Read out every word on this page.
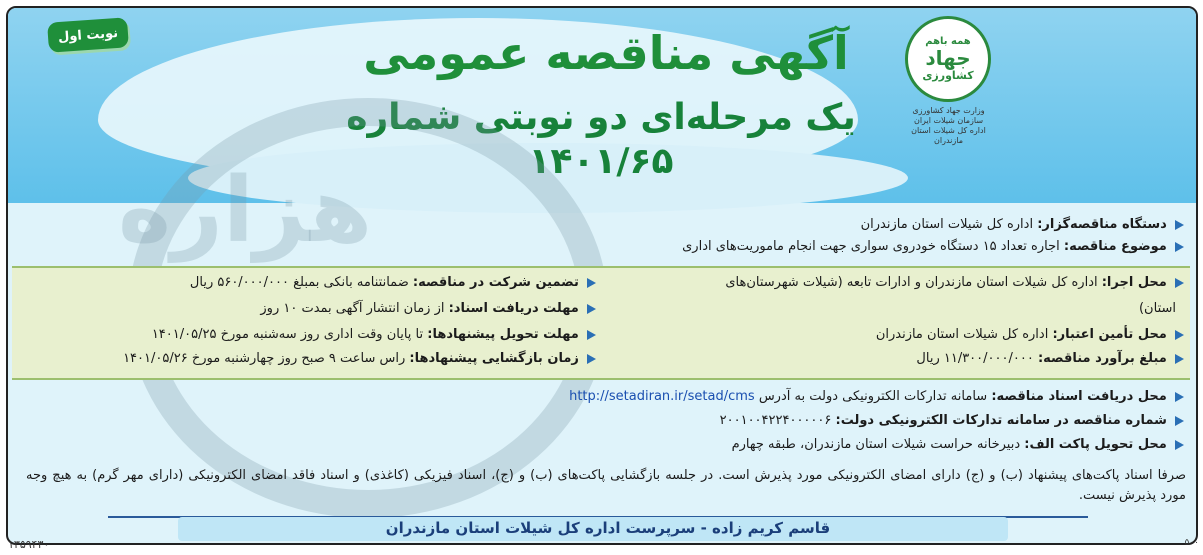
همه باهم
جهاد
کشاورزی
وزارت جهاد کشاورزی
سازمان شیلات ایران
اداره کل شیلات استان مازندران
آگهی مناقصه عمومی
یک مرحله‌ای دو نوبتی شماره ۱۴۰۱/۶۵
نوبت اول
هزاره	دستگاه مناقصه‌گزار: اداره کل شیلات استان مازندران
موضوع مناقصه: اجاره تعداد ۱۵ دستگاه خودروی سواری جهت انجام ماموریت‌های اداری
محل اجرا: اداره کل شیلات استان مازندران و ادارات تابعه (شیلات شهرستان‌های
استان)
محل تأمین اعتبار: اداره کل شیلات استان مازندران
مبلغ برآورد مناقصه: ۱۱/۳۰۰/۰۰۰/۰۰۰ ریال
تضمین شرکت در مناقصه: ضمانتنامه بانکی بمبلغ ۵۶۰/۰۰۰/۰۰۰ ریال
مهلت دریافت اسناد: از زمان انتشار آگهی بمدت ۱۰ روز
مهلت تحویل پیشنهادها: تا پایان وقت اداری روز سه‌شنبه مورخ ۱۴۰۱/۰۵/۲۵
زمان بازگشایی پیشنهادها: راس ساعت ۹ صبح روز چهارشنبه مورخ ۱۴۰۱/۰۵/۲۶
محل دریافت اسناد مناقصه: سامانه تدارکات الکترونیکی دولت به آدرس http://setadiran.ir/setad/cms
شماره مناقصه در سامانه تدارکات الکترونیکی دولت: ۲۰۰۱۰۰۴۲۲۴۰۰۰۰۰۶
محل تحویل پاکت الف: دبیرخانه حراست شیلات استان مازندران، طبقه چهارم
صرفا اسناد پاکت‌های پیشنهاد (ب) و (ج) دارای امضای الکترونیکی مورد پذیرش است. در جلسه بازگشایی پاکت‌های (ب) و (ج)، اسناد فیزیکی (کاغذی) و اسناد فاقد امضای الکترونیکی (دارای مهر گرم) به هیچ وجه مورد پذیرش نیست.
قاسم کریم زاده - سرپرست اداره کل شیلات استان مازندران
۱۳۵۹۴۳۰	۵۰۰
